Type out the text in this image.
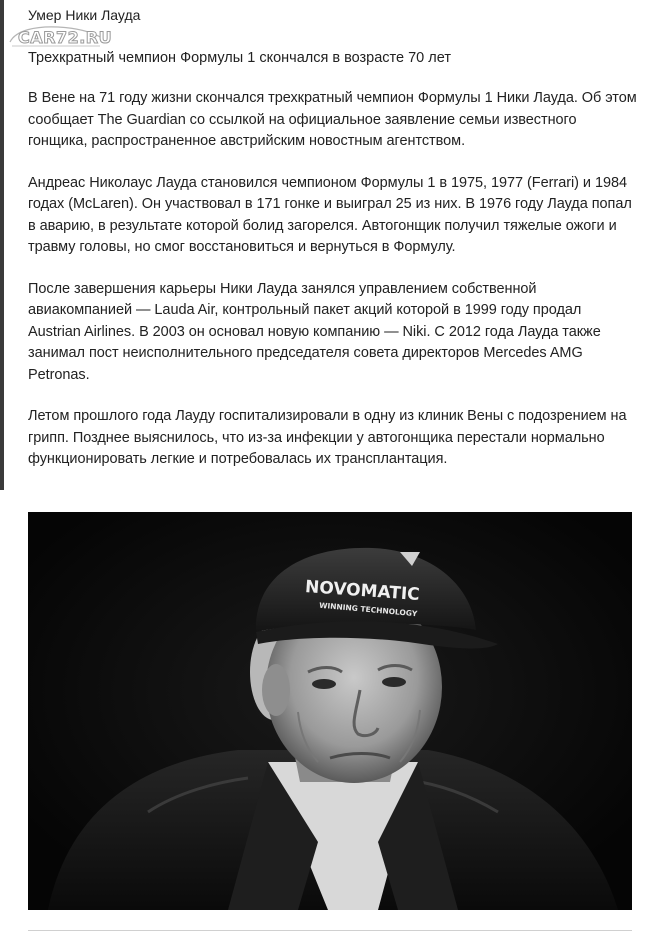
CAR72.RU
Умер Ники Лауда

Трехкратный чемпион Формулы 1 скончался в возрасте 70 лет

В Вене на 71 году жизни скончался трехкратный чемпион Формулы 1 Ники Лауда. Об этом сообщает The Guardian со ссылкой на официальное заявление семьи известного гонщика, распространенное австрийским новостным агентством.

Андреас Николаус Лауда становился чемпионом Формулы 1 в 1975, 1977 (Ferrari) и 1984 годах (McLaren). Он участвовал в 171 гонке и выиграл 25 из них. В 1976 году Лауда попал в аварию, в результате которой болид загорелся. Автогонщик получил тяжелые ожоги и травму головы, но смог восстановиться и вернуться в Формулу.

После завершения карьеры Ники Лауда занялся управлением собственной авиакомпанией — Lauda Air, контрольный пакет акций которой в 1999 году продал Austrian Airlines. В 2003 он основал новую компанию — Niki. С 2012 года Лауда также занимал пост неисполнительного председателя совета директоров Mercedes AMG Petronas.

Летом прошлого года Лауду госпитализировали в одну из клиник Вены с подозрением на грипп. Позднее выяснилось, что из-за инфекции у автогонщика перестали нормально функционировать легкие и потребовалась их трансплантация.

NOVOMATIC
WINNING TECHNOLOGY
